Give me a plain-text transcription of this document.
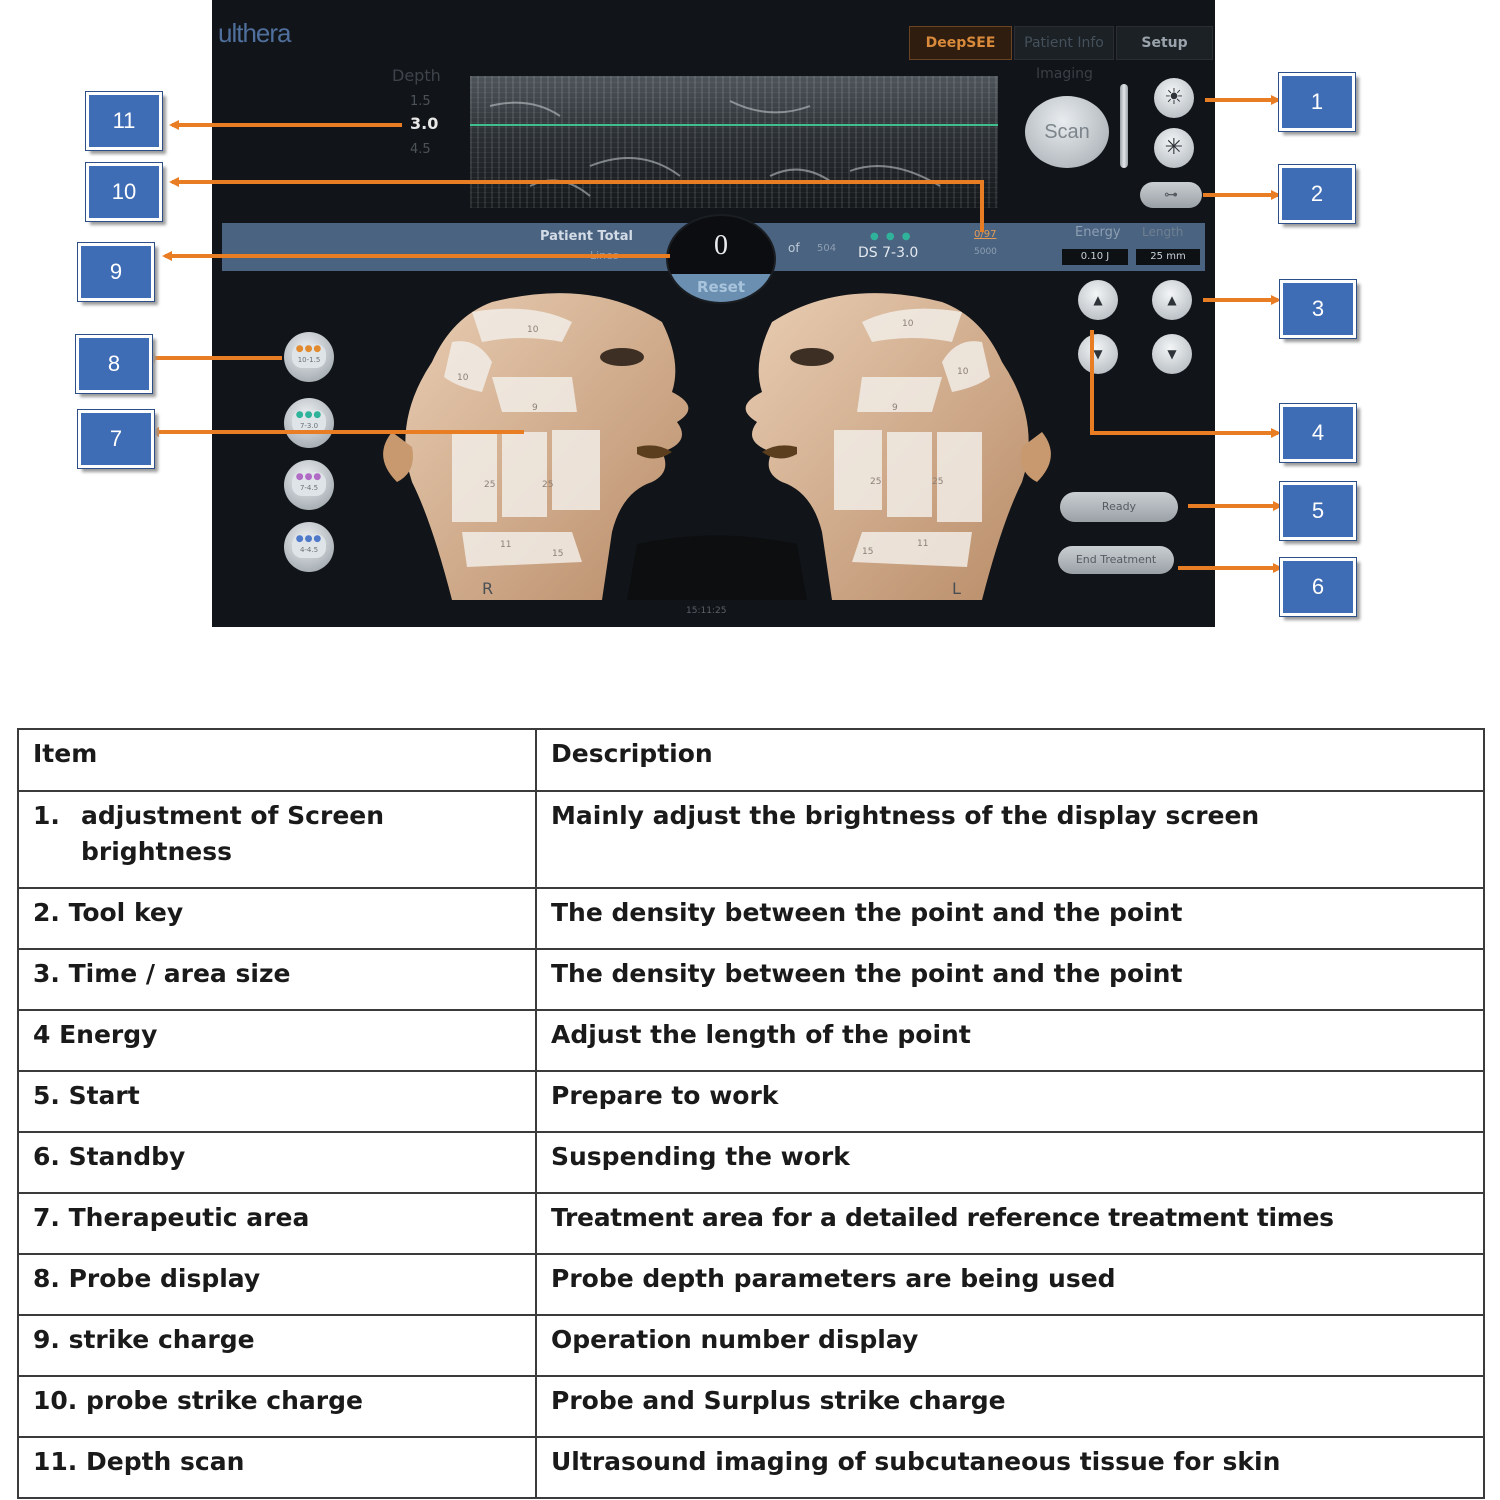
ulthera	DeepSEE	Patient Info	Setup
Depth
1.5
3.0
4.5
Imaging
Scan
☀
✳
⊶
Patient Total
Lines
of 504
● ● ●
DS 7-3.0
0/97
5000
Energy Length
0.10 J	25 mm
0
Reset
▲	▲
▼	▼
Ready
End Treatment
●●●
10-1.5
●●●
7-3.0
●●●
7-4.5
●●●
4-4.5
10
10
9
25	25
11
15
10
10
9
25	25
15
11
R	L
15:11:25
1
2
3
4
5
6
7
8
9
10
11
Item	Description

1. adjustment of Screen brightness	Mainly adjust the brightness of the display screen
2. Tool key	The density between the point and the point
3. Time / area size	The density between the point and the point
4 Energy	Adjust the length of the point
5. Start	Prepare to work
6. Standby	Suspending the work
7. Therapeutic area	Treatment area for a detailed reference treatment times
8. Probe display	Probe depth parameters are being used
9. strike charge	Operation number display
10. probe strike charge	Probe and Surplus strike charge
11. Depth scan	Ultrasound imaging of subcutaneous tissue for skin
